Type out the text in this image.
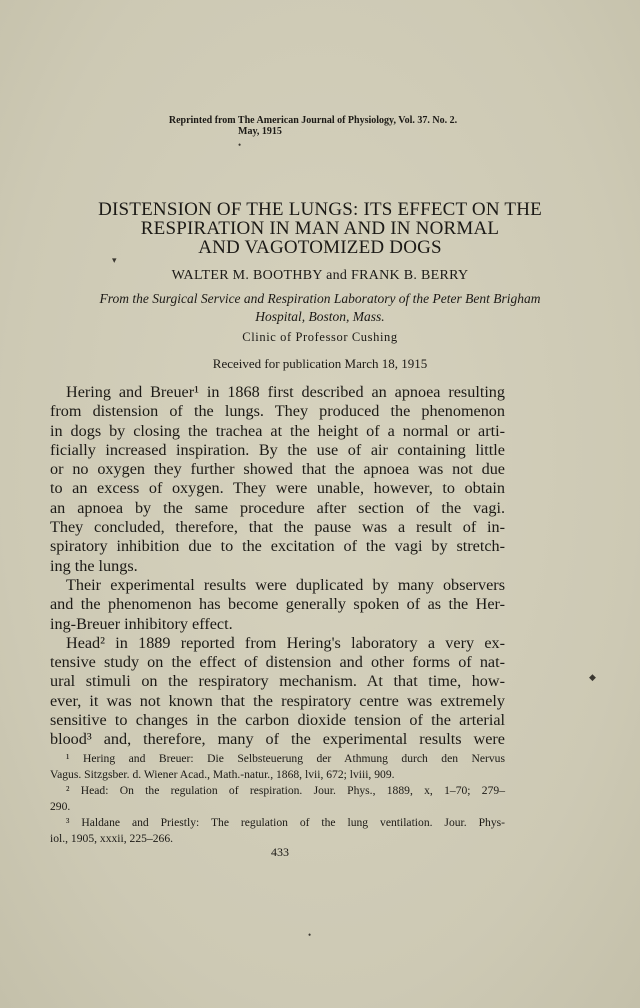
Reprinted from The American Journal of Physiology, Vol. 37. No. 2.
May, 1915
DISTENSION OF THE LUNGS: ITS EFFECT ON THE
RESPIRATION IN MAN AND IN NORMAL
AND VAGOTOMIZED DOGS
WALTER M. BOOTHBY and FRANK B. BERRY
From the Surgical Service and Respiration Laboratory of the Peter Bent Brigham
Hospital, Boston, Mass.
Clinic of Professor Cushing
Received for publication March 18, 1915
Hering and Breuer¹ in 1868 first described an apnoea resulting
from distension of the lungs. They produced the phenomenon
in dogs by closing the trachea at the height of a normal or arti-
ficially increased inspiration. By the use of air containing little
or no oxygen they further showed that the apnoea was not due
to an excess of oxygen. They were unable, however, to obtain
an apnoea by the same procedure after section of the vagi.
They concluded, therefore, that the pause was a result of in-
spiratory inhibition due to the excitation of the vagi by stretch-
ing the lungs.
Their experimental results were duplicated by many observers
and the phenomenon has become generally spoken of as the Her-
ing-Breuer inhibitory effect.
Head² in 1889 reported from Hering's laboratory a very ex-
tensive study on the effect of distension and other forms of nat-
ural stimuli on the respiratory mechanism. At that time, how-
ever, it was not known that the respiratory centre was extremely
sensitive to changes in the carbon dioxide tension of the arterial
blood³ and, therefore, many of the experimental results were
¹ Hering and Breuer: Die Selbsteuerung der Athmung durch den Nervus
Vagus. Sitzgsber. d. Wiener Acad., Math.-natur., 1868, lvii, 672; lviii, 909.
² Head: On the regulation of respiration. Jour. Phys., 1889, x, 1–70; 279–
290.
³ Haldane and Priestly: The regulation of the lung ventilation. Jour. Phys-
iol., 1905, xxxii, 225–266.
433
•
▾
◆
•
